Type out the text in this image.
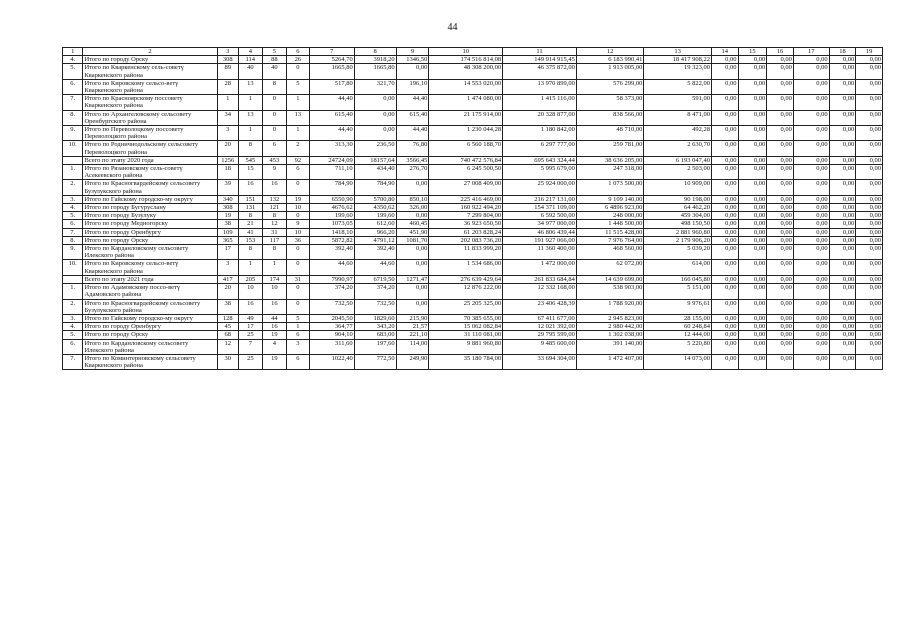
44
1	2	3	4	5	6	7	8	9	10	11	12	13	14	15	16	17	18	19
4.	Итого по городу Орску	308	114	88	26	5264,70	3918,20	1346,50	174 516 814,08	149 914 915,45	6 183 990,41	18 417 908,22	0,00	0,00	0,00	0,00	0,00	0,00
5.	Итого по Кваркенскому сель-советү Кваркенского района	89	40	40	0	1665,80	1665,80	0,00	48 308 200,00	46 375 872,00	1 913 005,00	19 323,00	0,00	0,00	0,00	0,00	0,00	0,00
6.	Итого по Кировскому сельсо-ветү Кваркенского района	28	13	8	5	517,80	321,70	196,10	14 553 020,00	13 970 899,00	576 299,00	5 822,00	0,00	0,00	0,00	0,00	0,00	0,00
7.	Итого по Красноярскому поссовету Кваркенского района	1	1	0	1	44,40	0,00	44,40	1 474 080,00	1 415 116,00	58 373,00	591,00	0,00	0,00	0,00	0,00	0,00	0,00
8.	Итого по Архангеловскому сельсовету Оренбургского района	34	13	0	13	615,40	0,00	615,40	21 175 914,00	20 328 877,00	838 566,00	8 471,00	0,00	0,00	0,00	0,00	0,00	0,00
9.	Итого по Переволоцкому поссовету Переволоцкого района	3	1	0	1	44,40	0,00	44,40	1 230 044,28	1 180 842,00	48 710,00	492,28	0,00	0,00	0,00	0,00	0,00	0,00
10.	Итого по Родничнодольскому сельсовету Переволоцкого района	20	8	6	2	313,30	236,50	76,80	6 560 188,70	6 297 777,00	259 781,00	2 630,70	0,00	0,00	0,00	0,00	0,00	0,00
	Всего по этапу 2020 года	1256	545	453	92	24724,09	18157,64	3566,45	740 472 576,84	695 643 324,44	38 636 205,00	6 193 047,40	0,00	0,00	0,00	0,00	0,00	0,00
1.	Итого по Рязановскому сель-советү Асекеевского района	18	15	9	6	711,10	434,40	276,70	6 245 500,50	5 995 679,00	247 318,00	2 503,00	0,00	0,00	0,00	0,00	0,00	0,00
2.	Итого по Красногвардейскому сельсовету Бузулукского района	39	16	16	0	784,90	784,90	0,00	27 008 409,00	25 924 000,00	1 073 500,00	10 909,00	0,00	0,00	0,00	0,00	0,00	0,00
3.	Итого по Гайскому городско-му округу	340	151	132	19	6550,90	5700,80	850,10	225 416 469,00	216 217 131,00	9 109 140,00	90 198,00	0,00	0,00	0,00	0,00	0,00	0,00
4.	Итого по городу Бугуруслану	308	131	121	10	4676,62	4350,62	326,00	160 922 494,20	154 371 109,00	6 4896 923,00	64 462,20	0,00	0,00	0,00	0,00	0,00	0,00
5.	Итого по городу Бузулуку	19	8	8	0	199,60	199,60	0,00	7 299 804,00	6 592 500,00	248 000,00	459 304,00	0,00	0,00	0,00	0,00	0,00	0,00
6.	Итого по городу Медногорску	38	21	12	9	1073,05	612,60	460,45	36 923 650,50	34 977 000,00	1 448 500,00	498 150,50	0,00	0,00	0,00	0,00	0,00	0,00
7.	Итого по городу Оренбургу	109	41	31	10	1418,10	966,20	451,90	61 203 828,24	46 806 439,44	11 515 428,00	2 881 960,80	0,00	0,00	0,00	0,00	0,00	0,00
8.	Итого по городу Орску	365	153	117	36	5872,82	4791,12	1081,70	202 083 736,20	191 927 066,00	7 976 764,00	2 179 906,20	0,00	0,00	0,00	0,00	0,00	0,00
9.	Итого по Карданловскому сельсовету Илекского района	17	8	8	0	392,40	392,40	0,00	11 833 999,20	11 360 400,00	468 560,00	5 039,20	0,00	0,00	0,00	0,00	0,00	0,00
10.	Итого по Кировскому сельсо-ветү Кваркенского района	3	1	1	0	44,60	44,60	0,00	1 534 686,00	1 472 000,00	62 072,00	614,00	0,00	0,00	0,00	0,00	0,00	0,00
	Всего по этапу 2021 года	417	205	174	31	7990,97	6719,50	1271,47	276 639 429,64	261 833 684,84	14 639 699,00	166 045,80	0,00	0,00	0,00	0,00	0,00	0,00
1.	Итого по Адамовскому поссо-ветү Адамовского района	20	10	10	0	374,20	374,20	0,00	12 876 222,00	12 332 168,00	538 903,00	5 151,00	0,00	0,00	0,00	0,00	0,00	0,00
2.	Итого по Красногвардейскому сельсовету Бузулукского района	38	16	16	0	732,50	732,50	0,00	25 205 325,00	23 406 428,39	1 788 920,00	9 976,61	0,00	0,00	0,00	0,00	0,00	0,00
3.	Итого по Гайскому городско-му округу	128	49	44	5	2045,50	1829,60	215,90	70 385 655,00	67 411 677,00	2 945 823,00	28 155,00	0,00	0,00	0,00	0,00	0,00	0,00
4.	Итого по городу Оренбургу	45	17	16	1	364,77	343,20	21,57	15 062 082,84	12 021 392,00	2 980 442,00	60 248,84	0,00	0,00	0,00	0,00	0,00	0,00
5.	Итого по городу Орску	68	25	19	6	904,10	683,00	221,10	31 110 081,00	29 795 599,00	1 302 038,00	12 444,00	0,00	0,00	0,00	0,00	0,00	0,00
6.	Итого по Карданловскому сельсовету Илекского района	12	7	4	3	311,60	197,60	114,00	9 881 960,80	9 485 600,00	391 140,00	5 220,80	0,00	0,00	0,00	0,00	0,00	0,00
7.	Итого по Коминтерновскому сельсовету Кваркенского района	30	25	19	6	1022,40	772,50	249,90	35 180 784,00	33 694 304,00	1 472 407,00	14 073,00	0,00	0,00	0,00	0,00	0,00	0,00
